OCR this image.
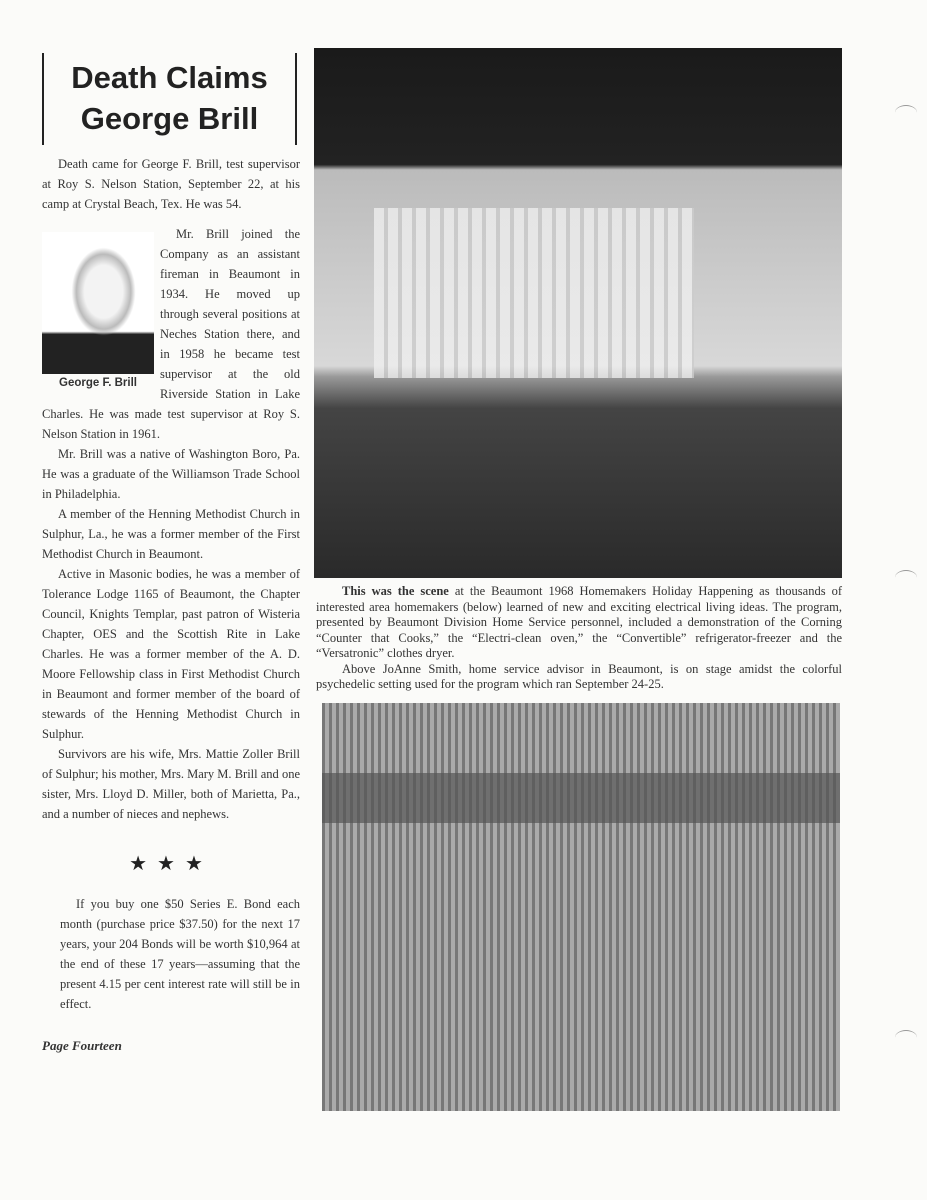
Death Claims
George Brill

Death came for George F. Brill, test supervisor at Roy S. Nelson Station, September 22, at his camp at Crystal Beach, Tex. He was 54.

George F. Brill

Mr. Brill joined the Company as an assistant fireman in Beaumont in 1934. He moved up through several positions at Neches Station there, and in 1958 he became test supervisor at the old Riverside Station in Lake Charles. He was made test supervisor at Roy S. Nelson Station in 1961.

Mr. Brill was a native of Washington Boro, Pa. He was a graduate of the Williamson Trade School in Philadelphia.

A member of the Henning Methodist Church in Sulphur, La., he was a former member of the First Methodist Church in Beaumont.

Active in Masonic bodies, he was a member of Tolerance Lodge 1165 of Beaumont, the Chapter Council, Knights Templar, past patron of Wisteria Chapter, OES and the Scottish Rite in Lake Charles. He was a former member of the A. D. Moore Fellowship class in First Methodist Church in Beaumont and former member of the board of stewards of the Henning Methodist Church in Sulphur.

Survivors are his wife, Mrs. Mattie Zoller Brill of Sulphur; his mother, Mrs. Mary M. Brill and one sister, Mrs. Lloyd D. Miller, both of Marietta, Pa., and a number of nieces and nephews.

★★★

If you buy one $50 Series E. Bond each month (purchase price $37.50) for the next 17 years, your 204 Bonds will be worth $10,964 at the end of these 17 years—assuming that the present 4.15 per cent interest rate will still be in effect.

Page Fourteen

This was the scene at the Beaumont 1968 Homemakers Holiday Happening as thousands of interested area homemakers (below) learned of new and exciting electrical living ideas. The program, presented by Beaumont Division Home Service personnel, included a demonstration of the Corning “Counter that Cooks,” the “Electri-clean oven,” the “Convertible” refrigerator-freezer and the “Versatronic” clothes dryer.

Above JoAnne Smith, home service advisor in Beaumont, is on stage amidst the colorful psychedelic setting used for the program which ran September 24-25.
